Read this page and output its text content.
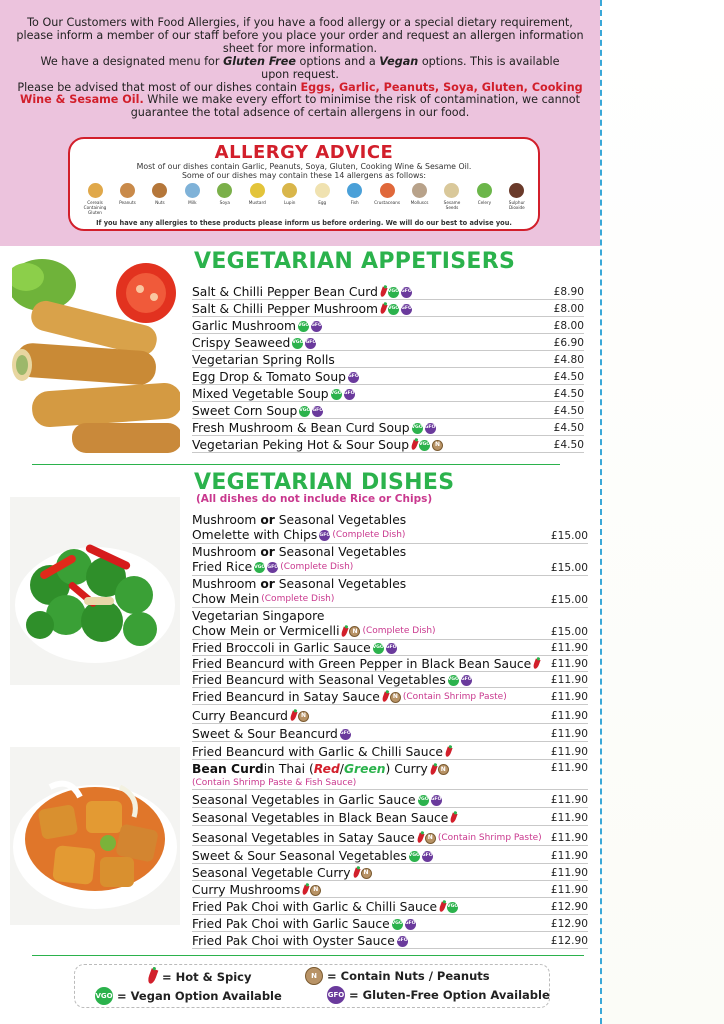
To Our Customers with Food Allergies, if you have a food allergy or a special dietary requirement,

please inform a member of our staff before you place your order and request an allergen information

sheet for more information.

We have a designated menu for Gluten Free options and a Vegan options. This is available

upon request.

Please be advised that most of our dishes contain Eggs, Garlic, Peanuts, Soya, Gluten, Cooking

Wine & Sesame Oil. While we make every effort to minimise the risk of contamination, we cannot

guarantee the total adsence of certain allergens in our food.

ALLERGY ADVICE
Most of our dishes contain Garlic, Peanuts, Soya, Gluten, Cooking Wine & Sesame Oil.
Some of our dishes may contain these 14 allergens as follows:
Cereals Containing Gluten
Peanuts	Nuts	Milk	Soya	Mustard	Lupin	Egg	Fish	Crustaceans	Molluscs	Sesame Seeds
Celery	Sulphur Dioxide
If you have any allergies to these products please inform us before ordering. We will do our best to advise you.
VEGETARIAN APPETISERS
Salt & Chilli Pepper Bean Curd VGO GFO	£8.90
Salt & Chilli Pepper Mushroom VGO GFO	£8.00
Garlic Mushroom VGO GFO	£8.00
Crispy Seaweed VGO GFO	£6.90
Vegetarian Spring Rolls	£4.80
Egg Drop & Tomato Soup GFO	£4.50
Mixed Vegetable Soup VGO GFO	£4.50
Sweet Corn Soup VGO GFO	£4.50
Fresh Mushroom & Bean Curd Soup VGO GFO	£4.50
Vegetarian Peking Hot & Sour Soup VGO N	£4.50
VEGETARIAN DISHES
(All dishes do not include Rice or Chips)
Mushroom or Seasonal Vegetables
Omelette with Chips GFO (Complete Dish)	£15.00
Mushroom or Seasonal Vegetables
Fried Rice VGO GFO (Complete Dish)	£15.00
Mushroom or Seasonal Vegetables
Chow Mein (Complete Dish)	£15.00
Vegetarian Singapore
Chow Mein or Vermicelli	N (Complete Dish)	£15.00
Fried Broccoli in Garlic Sauce VGO GFO	£11.90
Fried Beancurd with Green Pepper in Black Bean Sauce £11.90
Fried Beancurd with Seasonal Vegetables VGO GFO	£11.90
Fried Beancurd in Satay Sauce	N (Contain Shrimp Paste)	£11.90
Curry Beancurd	N	£11.90
Sweet & Sour Beancurd GFO	£11.90
Fried Beancurd with Garlic & Chilli Sauce	£11.90
Bean Curd in Thai ( Red / Green ) Curry	N
(Contain Shrimp Paste & Fish Sauce)
£11.90
Seasonal Vegetables in Garlic Sauce VGO GFO	£11.90
Seasonal Vegetables in Black Bean Sauce	£11.90
Seasonal Vegetables in Satay Sauce	N (Contain Shrimp Paste) £11.90
Sweet & Sour Seasonal Vegetables VGO GFO	£11.90
Seasonal Vegetable Curry	N	£11.90
Curry Mushrooms	N	£11.90
Fried Pak Choi with Garlic & Chilli Sauce VGO	£12.90
Fried Pak Choi with Garlic Sauce VGO GFO	£12.90
Fried Pak Choi with Oyster Sauce GFO	£12.90
= Hot & Spicy	N = Contain Nuts / Peanuts
VGO = Vegan Option Available	GFO = Gluten-Free Option Available
